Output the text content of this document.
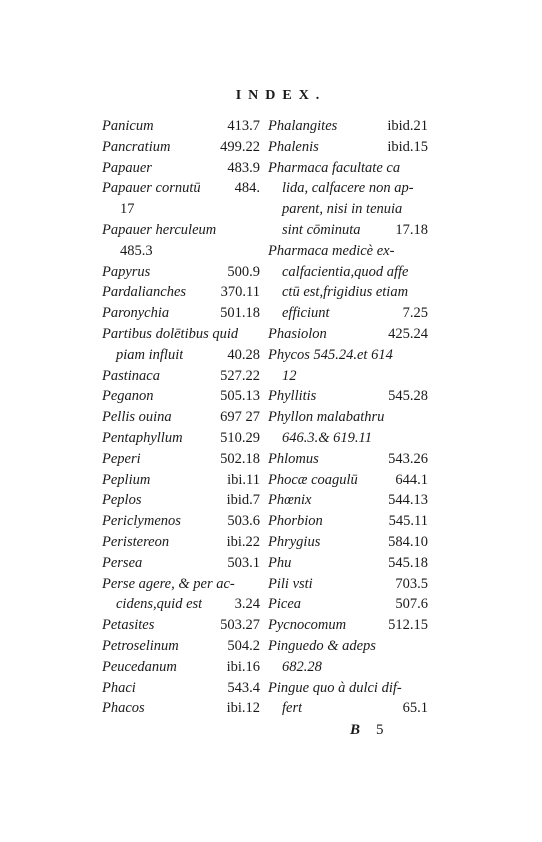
INDEX.
Panicum	413.7
Pancratium	499.22
Papauer	483.9
Papauer cornutū 484.
17
Papauer herculeum
485.3
Papyrus	500.9
Pardalianches 370.11
Paronychia	501.18
Partibus dolētibus quid
piam influit	40.28
Pastinaca	527.22
Peganon	505.13
Pellis ouina	697 27
Pentaphyllum	510.29
Peperi	502.18
Peplium	ibi.11
Peplos	ibid.7
Periclymenos	503.6
Peristereon	ibi.22
Persea	503.1
Perse agere, & per ac-
cidens,quid est 3.24
Petasites	503.27
Petroselinum	504.2
Peucedanum	ibi.16
Phaci	543.4
Phacos	ibi.12
Phalangites	ibid.21
Phalenis	ibid.15
Pharmaca facultate ca
lida, calfacere non ap-
parent, nisi in tenuia
sint cōminuta 17.18
Pharmaca medicè ex-
calfacientia,quod affe
ctū est,frigidius etiam
efficiunt	7.25
Phasiolon	425.24
Phycos 545.24.et 614
12
Phyllitis	545.28
Phyllon malabathru
646.3.& 619.11
Phlomus	543.26
Phocæ coagulū	644.1
Phœnix	544.13
Phorbion	545.11
Phrygius	584.10
Phu	545.18
Pili vsti	703.5
Picea	507.6
Pycnocomum	512.15
Pinguedo & adeps
682.28
Pingue quo à dulci dif-
fert	65.1
B 5
